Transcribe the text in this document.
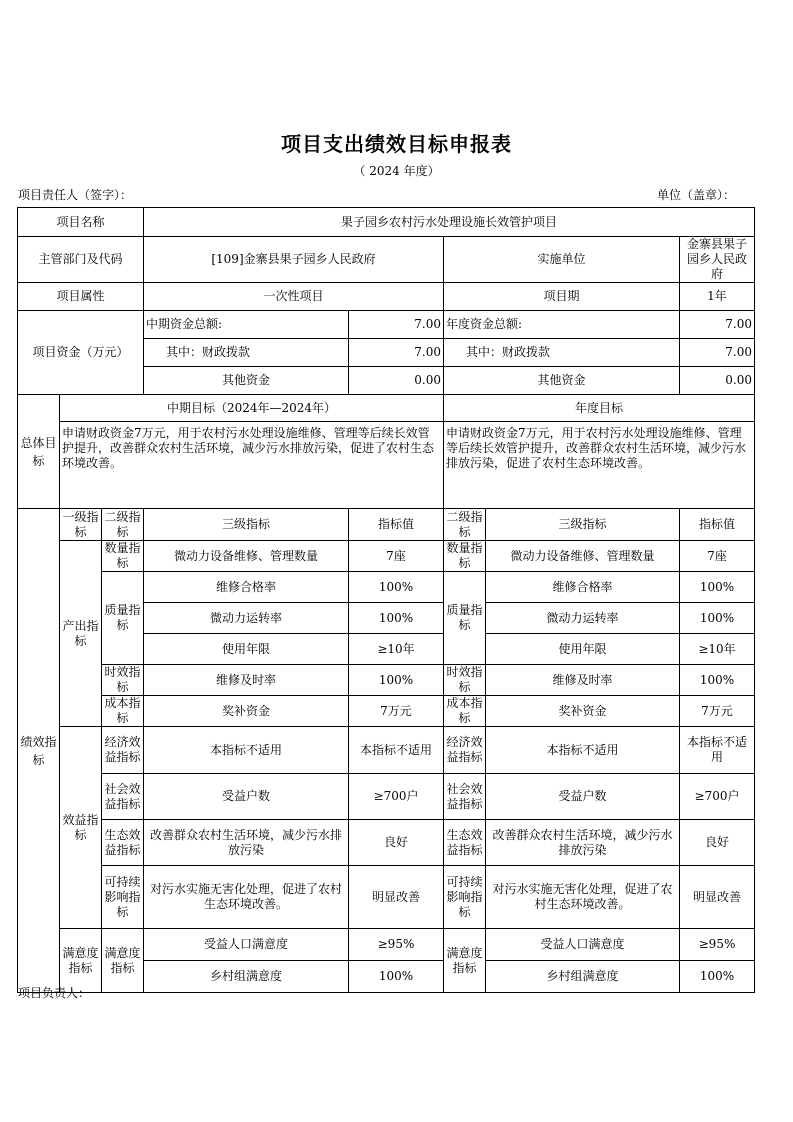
项目支出绩效目标申报表
（ 2024 年度）
项目责任人（签字）：	单位（盖章）：
项目名称			果子园乡农村污水处理设施长效管护项目				
主管部门及代码			[109]金寨县果子园乡人民政府		实施单位		金寨县果子园乡人民政府
项目属性			一次性项目		项目期		1年
项目资金（万元）			中期资金总额:	7.00	年度资金总额:		7.00
			其中：财政拨款	7.00	其中：财政拨款		7.00
			其他资金	0.00	其他资金		0.00
总体目标	中期目标（2024年—2024年）				年度目标		
	申请财政资金7万元，用于农村污水处理设施维修、管理等后续长效管护提升，改善群众农村生活环境，减少污水排放污染，促进了农村生态环境改善。				申请财政资金7万元，用于农村污水处理设施维修、管理等后续长效管护提升，改善群众农村生活环境，减少污水排放污染，促进了农村生态环境改善。		
绩效指标	一级指标	二级指标	三级指标	指标值	二级指标	三级指标	指标值
	产出指标	数量指标	微动力设备维修、管理数量	7座	数量指标	微动力设备维修、管理数量	7座
		质量指标	维修合格率	100%	质量指标	维修合格率	100%
			微动力运转率	100%		微动力运转率	100%
			使用年限	≥10年		使用年限	≥10年
		时效指标	维修及时率	100%	时效指标	维修及时率	100%
		成本指标	奖补资金	7万元	成本指标	奖补资金	7万元
	效益指标	经济效益指标	本指标不适用	本指标不适用	经济效益指标	本指标不适用	本指标不适用
		社会效益指标	受益户数	≥700户	社会效益指标	受益户数	≥700户
		生态效益指标	改善群众农村生活环境，减少污水排放污染	良好	生态效益指标	改善群众农村生活环境，减少污水排放污染	良好
		可持续影响指标	对污水实施无害化处理，促进了农村生态环境改善。	明显改善	可持续影响指标	对污水实施无害化处理，促进了农村生态环境改善。	明显改善
	满意度指标	满意度指标	受益人口满意度	≥95%	满意度指标	受益人口满意度	≥95%
			乡村组满意度	100%		乡村组满意度	100%
项目负责人：
